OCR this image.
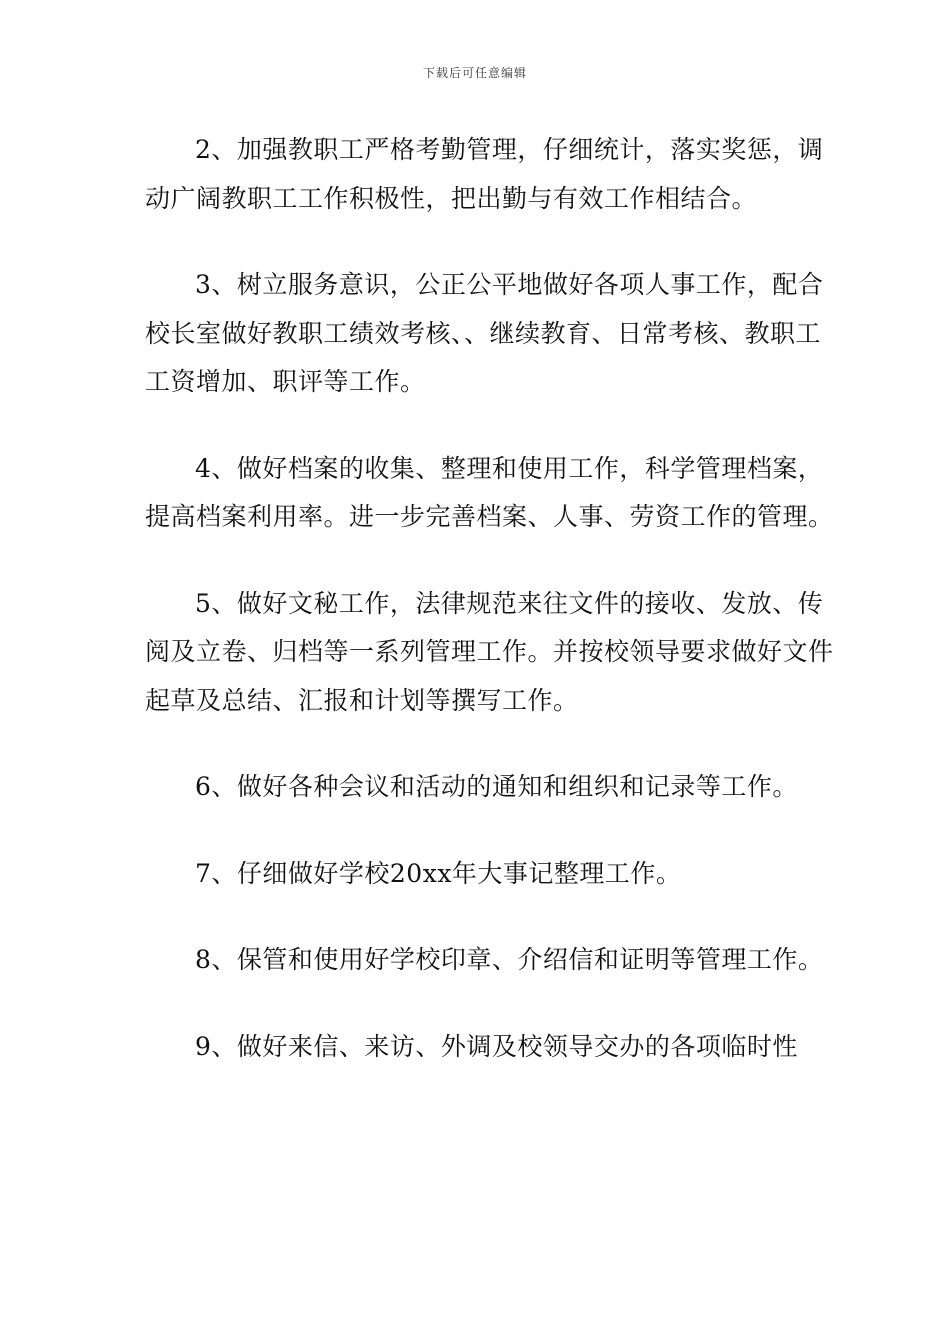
下载后可任意编辑

2、加强教职工严格考勤管理，仔细统计，落实奖惩，调动广阔教职工工作积极性，把出勤与有效工作相结合。

3、树立服务意识，公正公平地做好各项人事工作，配合校长室做好教职工绩效考核、、继续教育、日常考核、教职工工资增加、职评等工作。

4、做好档案的收集、整理和使用工作，科学管理档案，提高档案利用率。进一步完善档案、人事、劳资工作的管理。

5、做好文秘工作，法律规范来往文件的接收、发放、传阅及立卷、归档等一系列管理工作。并按校领导要求做好文件起草及总结、汇报和计划等撰写工作。

6、做好各种会议和活动的通知和组织和记录等工作。

7、仔细做好学校20xx年大事记整理工作。

8、保管和使用好学校印章、介绍信和证明等管理工作。

9、做好来信、来访、外调及校领导交办的各项临时性
